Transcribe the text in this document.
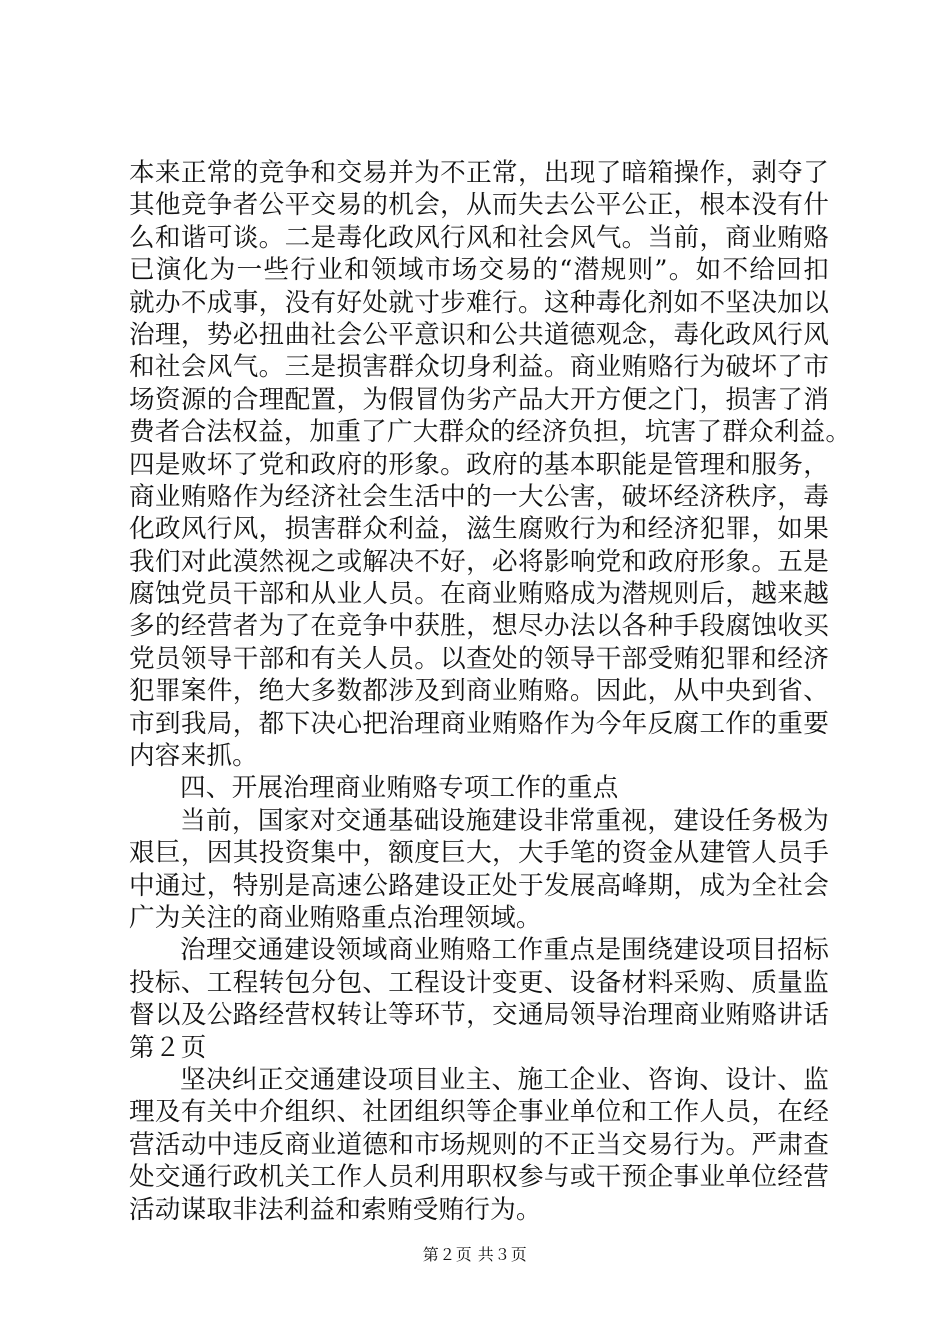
本来正常的竞争和交易并为不正常，出现了暗箱操作，剥夺了
其他竞争者公平交易的机会，从而失去公平公正，根本没有什
么和谐可谈。二是毒化政风行风和社会风气。当前，商业贿赂
已演化为一些行业和领域市场交易的“潜规则”。如不给回扣
就办不成事，没有好处就寸步难行。这种毒化剂如不坚决加以
治理，势必扭曲社会公平意识和公共道德观念，毒化政风行风
和社会风气。三是损害群众切身利益。商业贿赂行为破坏了市
场资源的合理配置，为假冒伪劣产品大开方便之门，损害了消
费者合法权益，加重了广大群众的经济负担，坑害了群众利益。
四是败坏了党和政府的形象。政府的基本职能是管理和服务，
商业贿赂作为经济社会生活中的一大公害，破坏经济秩序，毒
化政风行风，损害群众利益，滋生腐败行为和经济犯罪，如果
我们对此漠然视之或解决不好，必将影响党和政府形象。五是
腐蚀党员干部和从业人员。在商业贿赂成为潜规则后，越来越
多的经营者为了在竞争中获胜，想尽办法以各种手段腐蚀收买
党员领导干部和有关人员。以查处的领导干部受贿犯罪和经济
犯罪案件，绝大多数都涉及到商业贿赂。因此，从中央到省、
市到我局，都下决心把治理商业贿赂作为今年反腐工作的重要
内容来抓。
四、开展治理商业贿赂专项工作的重点
当前，国家对交通基础设施建设非常重视，建设任务极为
艰巨，因其投资集中，额度巨大，大手笔的资金从建管人员手
中通过，特别是高速公路建设正处于发展高峰期，成为全社会
广为关注的商业贿赂重点治理领域。
治理交通建设领域商业贿赂工作重点是围绕建设项目招标
投标、工程转包分包、工程设计变更、设备材料采购、质量监
督以及公路经营权转让等环节，交通局领导治理商业贿赂讲话
第２页
坚决纠正交通建设项目业主、施工企业、咨询、设计、监
理及有关中介组织、社团组织等企事业单位和工作人员，在经
营活动中违反商业道德和市场规则的不正当交易行为。严肃查
处交通行政机关工作人员利用职权参与或干预企事业单位经营
活动谋取非法利益和索贿受贿行为。
第２页 共３页
